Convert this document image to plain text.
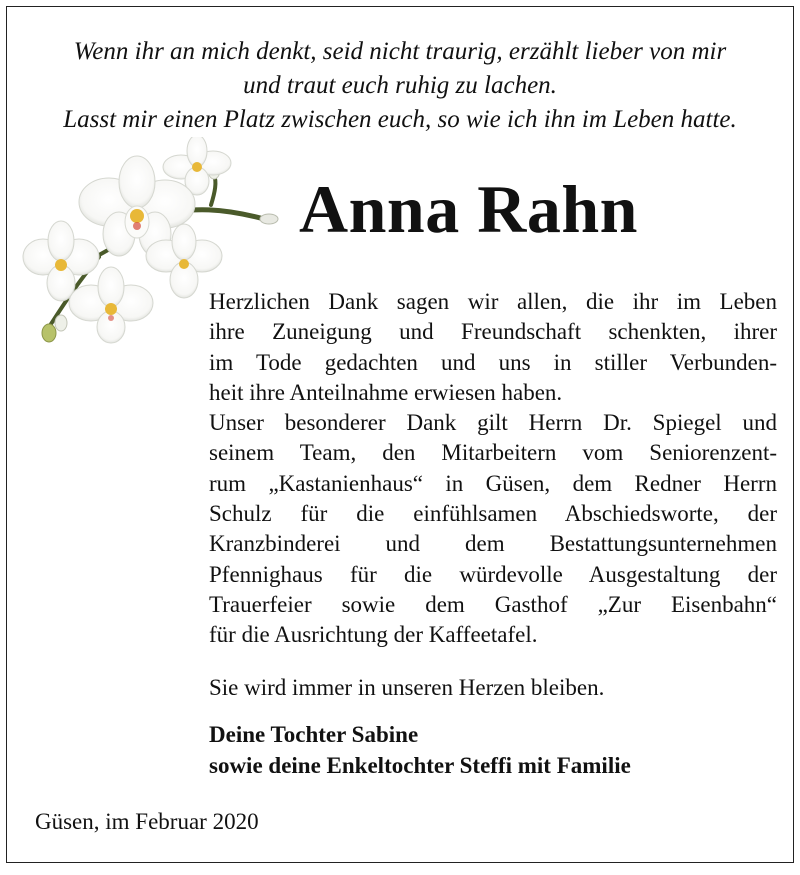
Wenn ihr an mich denkt, seid nicht traurig, erzählt lieber von mir
und traut euch ruhig zu lachen.
Lasst mir einen Platz zwischen euch, so wie ich ihn im Leben hatte.
Anna Rahn
Herzlichen Dank sagen wir allen, die ihr im Leben
ihre Zuneigung und Freundschaft schenkten, ihrer
im Tode gedachten und uns in stiller Verbunden-
heit ihre Anteilnahme erwiesen haben.
Unser besonderer Dank gilt Herrn Dr. Spiegel und
seinem Team, den Mitarbeitern vom Seniorenzent-
rum „Kastanienhaus“ in Güsen, dem Redner Herrn
Schulz für die einfühlsamen Abschiedsworte, der
Kranzbinderei und dem Bestattungsunternehmen
Pfennighaus für die würdevolle Ausgestaltung der
Trauerfeier sowie dem Gasthof „Zur Eisenbahn“
für die Ausrichtung der Kaffeetafel.
Sie wird immer in unseren Herzen bleiben.
Deine Tochter Sabine
sowie deine Enkeltochter Steffi mit Familie
Güsen, im Februar 2020
